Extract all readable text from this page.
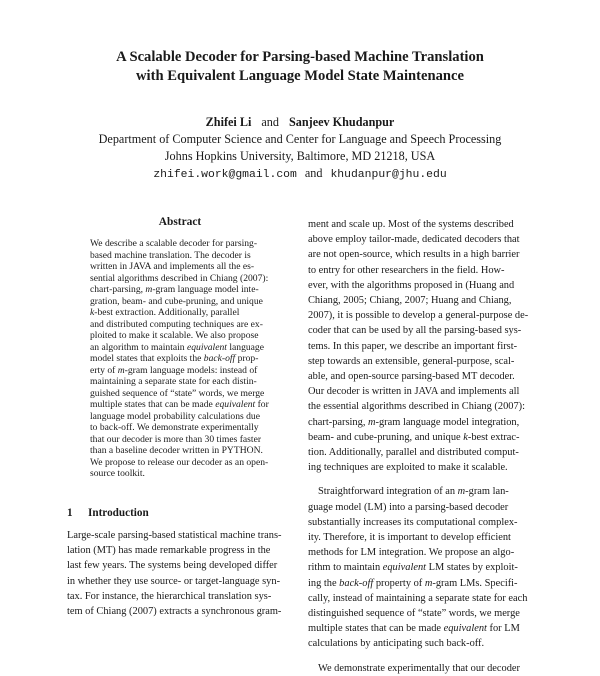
A Scalable Decoder for Parsing-based Machine Translation
with Equivalent Language Model State Maintenance
Zhifei Li and Sanjeev Khudanpur
Department of Computer Science and Center for Language and Speech Processing
Johns Hopkins University, Baltimore, MD 21218, USA
zhifei.work@gmail.com and khudanpur@jhu.edu
Abstract
We describe a scalable decoder for parsing-
based machine translation. The decoder is
written in JAVA and implements all the es-
sential algorithms described in Chiang (2007):
chart-parsing, m-gram language model inte-
gration, beam- and cube-pruning, and unique
k-best extraction. Additionally, parallel
and distributed computing techniques are ex-
ploited to make it scalable. We also propose
an algorithm to maintain equivalent language
model states that exploits the back-off prop-
erty of m-gram language models: instead of
maintaining a separate state for each distin-
guished sequence of “state” words, we merge
multiple states that can be made equivalent for
language model probability calculations due
to back-off. We demonstrate experimentally
that our decoder is more than 30 times faster
than a baseline decoder written in PYTHON.
We propose to release our decoder as an open-
source toolkit.
1 Introduction
Large-scale parsing-based statistical machine trans-
lation (MT) has made remarkable progress in the
last few years. The systems being developed differ
in whether they use source- or target-language syn-
tax. For instance, the hierarchical translation sys-
tem of Chiang (2007) extracts a synchronous gram-
ment and scale up. Most of the systems described
above employ tailor-made, dedicated decoders that
are not open-source, which results in a high barrier
to entry for other researchers in the field. How-
ever, with the algorithms proposed in (Huang and
Chiang, 2005; Chiang, 2007; Huang and Chiang,
2007), it is possible to develop a general-purpose de-
coder that can be used by all the parsing-based sys-
tems. In this paper, we describe an important first-
step towards an extensible, general-purpose, scal-
able, and open-source parsing-based MT decoder.
Our decoder is written in JAVA and implements all
the essential algorithms described in Chiang (2007):
chart-parsing, m-gram language model integration,
beam- and cube-pruning, and unique k-best extrac-
tion. Additionally, parallel and distributed comput-
ing techniques are exploited to make it scalable.
Straightforward integration of an m-gram lan-
guage model (LM) into a parsing-based decoder
substantially increases its computational complex-
ity. Therefore, it is important to develop efficient
methods for LM integration. We propose an algo-
rithm to maintain equivalent LM states by exploit-
ing the back-off property of m-gram LMs. Specifi-
cally, instead of maintaining a separate state for each
distinguished sequence of “state” words, we merge
multiple states that can be made equivalent for LM
calculations by anticipating such back-off.
We demonstrate experimentally that our decoder
